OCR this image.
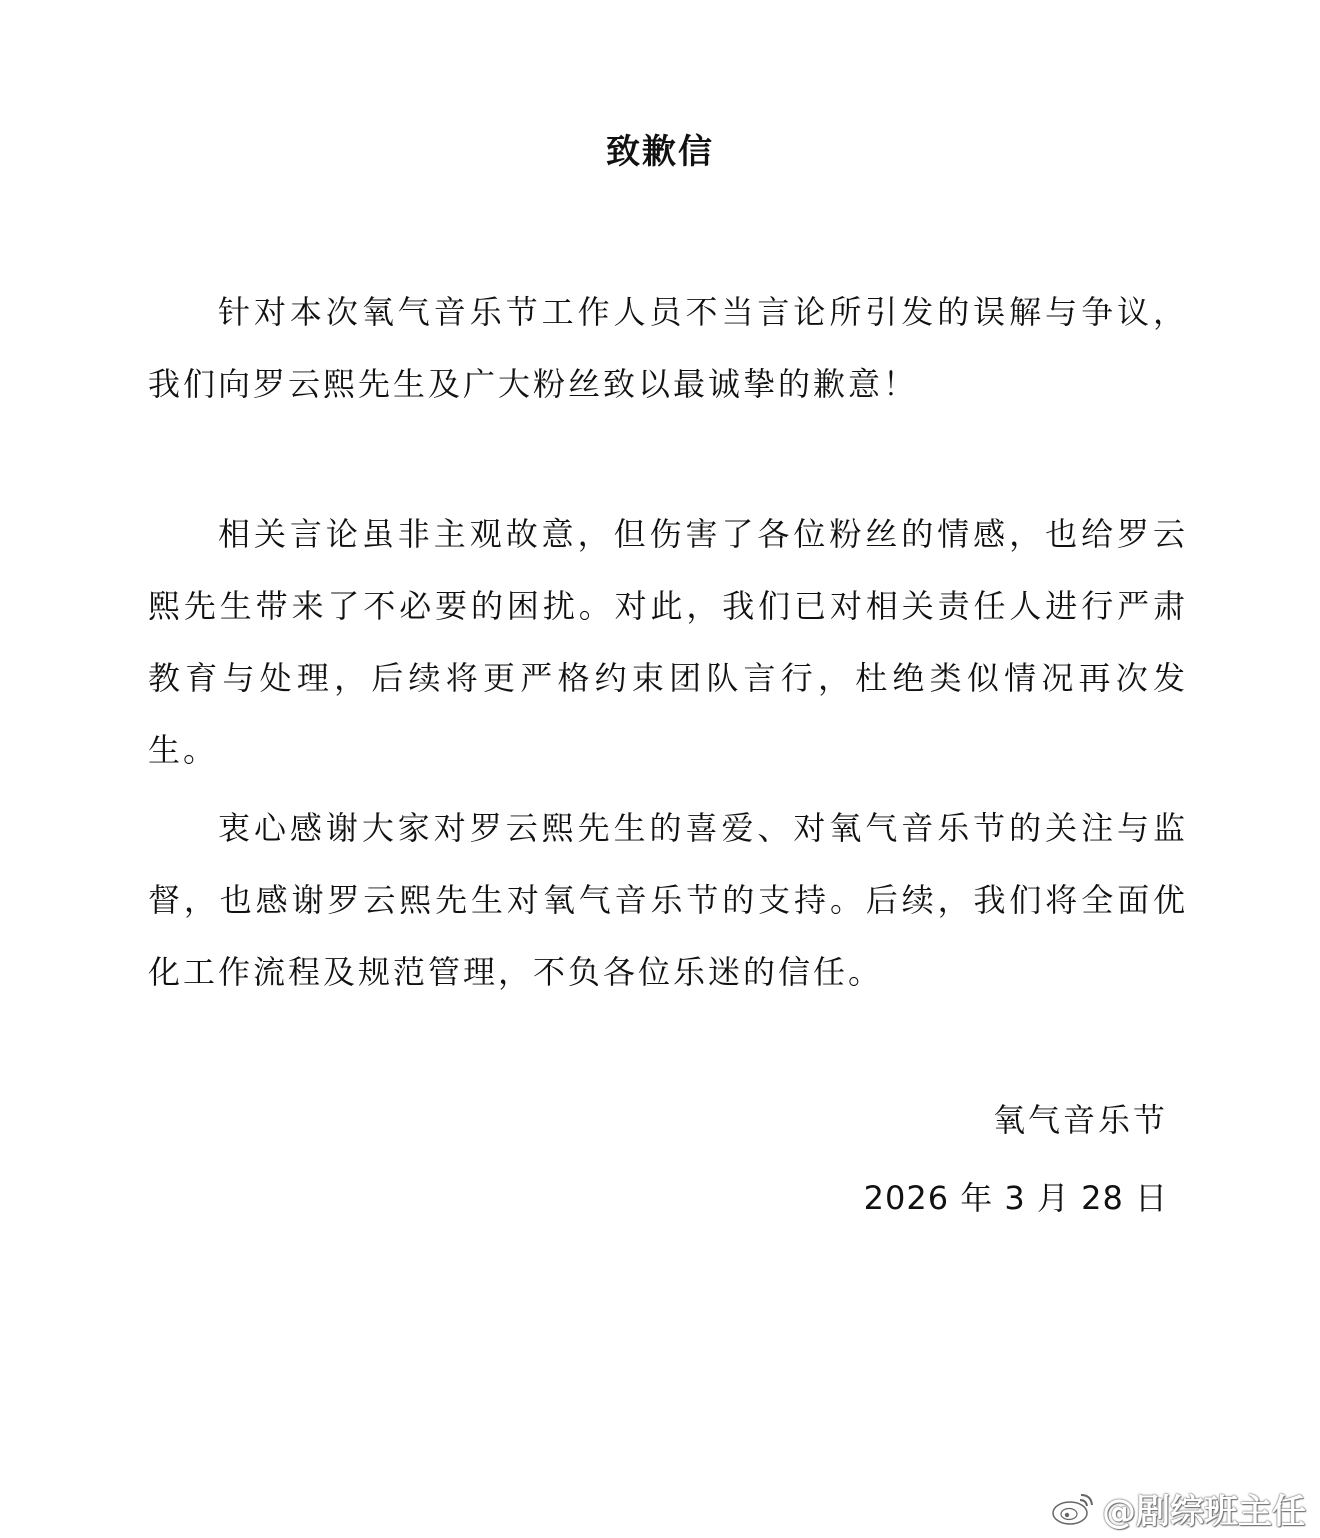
致歉信

针对本次氧气音乐节工作人员不当言论所引发的误解与争议，我们向罗云熙先生及广大粉丝致以最诚挚的歉意！

相关言论虽非主观故意，但伤害了各位粉丝的情感，也给罗云熙先生带来了不必要的困扰。对此，我们已对相关责任人进行严肃教育与处理，后续将更严格约束团队言行，杜绝类似情况再次发生。

衷心感谢大家对罗云熙先生的喜爱、对氧气音乐节的关注与监督，也感谢罗云熙先生对氧气音乐节的支持。后续，我们将全面优化工作流程及规范管理，不负各位乐迷的信任。

氧气音乐节
2026 年 3 月 28 日
@剧综班主任
